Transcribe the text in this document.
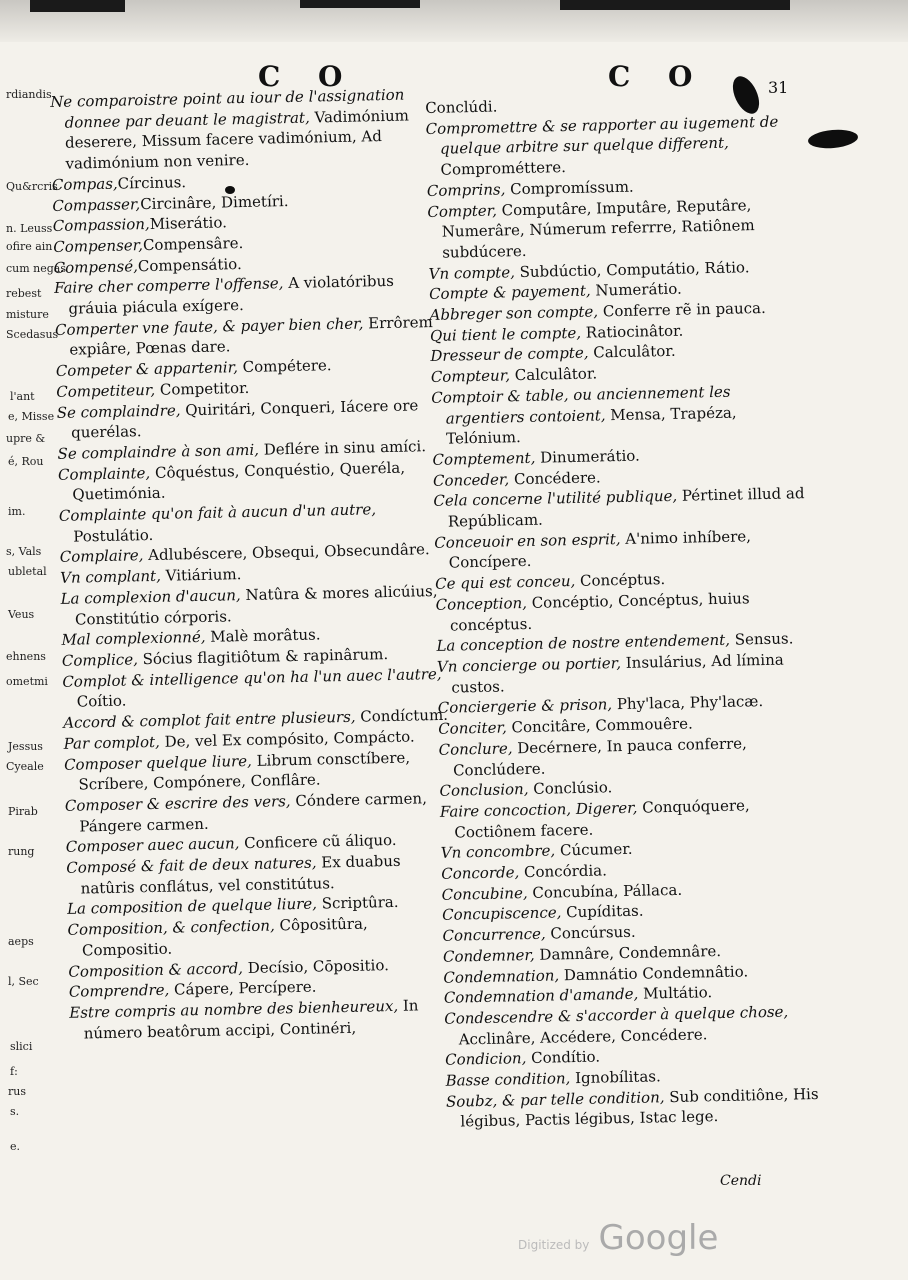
C O	C O	31
rdiandis
Qu&rcris
n. Leuss
ofire ain
cum negas
rebest
misture
Scedasus
l'ant
e, Misse
upre &
é, Rou
im.
s, Vals
ubletal
Veus
ehnens
ometmi
Jessus
Cyeale
Pirab
rung
aeps
l, Sec
slici
f:
rus
s.
e.

Ne comparoistre point au iour de l'assignation donnee par deuant le magistrat, Vadimónium deserere, Missum facere vadimónium, Ad vadimónium non venire.

Compas,Círcinus.

Compasser,Circinâre, Dimetíri.

Compassion,Miserátio.

Compenser,Compensâre.

Compensé,Compensátio.

Faire cher comperre l'offense, A violatóribus gráuia piácula exígere.

Comperter vne faute, & payer bien cher, Errôrem expiâre, Pœnas dare.

Competer & appartenir, Compétere.

Competiteur, Competitor.

Se complaindre, Quiritári, Conqueri, Iácere ore querélas.

Se complaindre à son ami, Deflére in sinu amíci.

Complainte, Côquéstus, Conquéstio, Queréla, Quetimónia.

Complainte qu'on fait à aucun d'un autre, Postulátio.

Complaire, Adlubéscere, Obsequi, Obsecundâre.

Vn complant, Vitiárium.

La complexion d'aucun, Natûra & mores alicúius, Constitútio córporis.

Mal complexionné, Malè morâtus.

Complice, Sócius flagitiôtum & rapinârum.

Complot & intelligence qu'on ha l'un auec l'autre, Coítio.

Accord & complot fait entre plusieurs, Condíctum.

Par complot, De, vel Ex compósito, Compácto.

Composer quelque liure, Librum consctíbere, Scríbere, Compónere, Conflâre.

Composer & escrire des vers, Cóndere carmen, Pángere carmen.

Composer auec aucun, Conficere cũ áliquo.

Composé & fait de deux natures, Ex duabus natûris conflátus, vel constitútus.

La composition de quelque liure, Scriptûra.

Composition, & confection, Côpositûra, Compositio.

Composition & accord, Decísio, Cōpositio.

Comprendre, Cápere, Percípere.

Estre compris au nombre des bienheureux, In número beatôrum accipi, Continéri,

Conclúdi.

Compromettre & se rapporter au iugement de quelque arbitre sur quelque different, Comprométtere.

Comprins, Compromíssum.

Compter, Computâre, Imputâre, Reputâre, Numerâre, Númerum referrre, Ratiônem subdúcere.

Vn compte, Subdúctio, Computátio, Rátio.

Compte & payement, Numerátio.

Abbreger son compte, Conferre rẽ in pauca.

Qui tient le compte, Ratiocinâtor.

Dresseur de compte, Calculâtor.

Compteur, Calculâtor.

Comptoir & table, ou anciennement les argentiers contoient, Mensa, Trapéza, Telónium.

Comptement, Dinumerátio.

Conceder, Concédere.

Cela concerne l'utilité publique, Pértinet illud ad Repúblicam.

Conceuoir en son esprit, A'nimo inhíbere, Concípere.

Ce qui est conceu, Concéptus.

Conception, Concéptio, Concéptus, huius concéptus.

La conception de nostre entendement, Sensus.

Vn concierge ou portier, Insulárius, Ad límina custos.

Conciergerie & prison, Phy'laca, Phy'lacæ.

Conciter, Concitâre, Commouêre.

Conclure, Decérnere, In pauca conferre, Conclúdere.

Conclusion, Conclúsio.

Faire concoction, Digerer, Conquóquere, Coctiônem facere.

Vn concombre, Cúcumer.

Concorde, Concórdia.

Concubine, Concubína, Pállaca.

Concupiscence, Cupíditas.

Concurrence, Concúrsus.

Condemner, Damnâre, Condemnâre.

Condemnation, Damnátio Condemnâtio.

Condemnation d'amande, Multátio.

Condescendre & s'accorder à quelque chose, Acclinâre, Accédere, Concédere.

Condicion, Condítio.

Basse condition, Ignobílitas.

Soubz, & par telle condition, Sub conditiône, His légibus, Pactis légibus, Istac lege.

Cendi
Digitized by Google
